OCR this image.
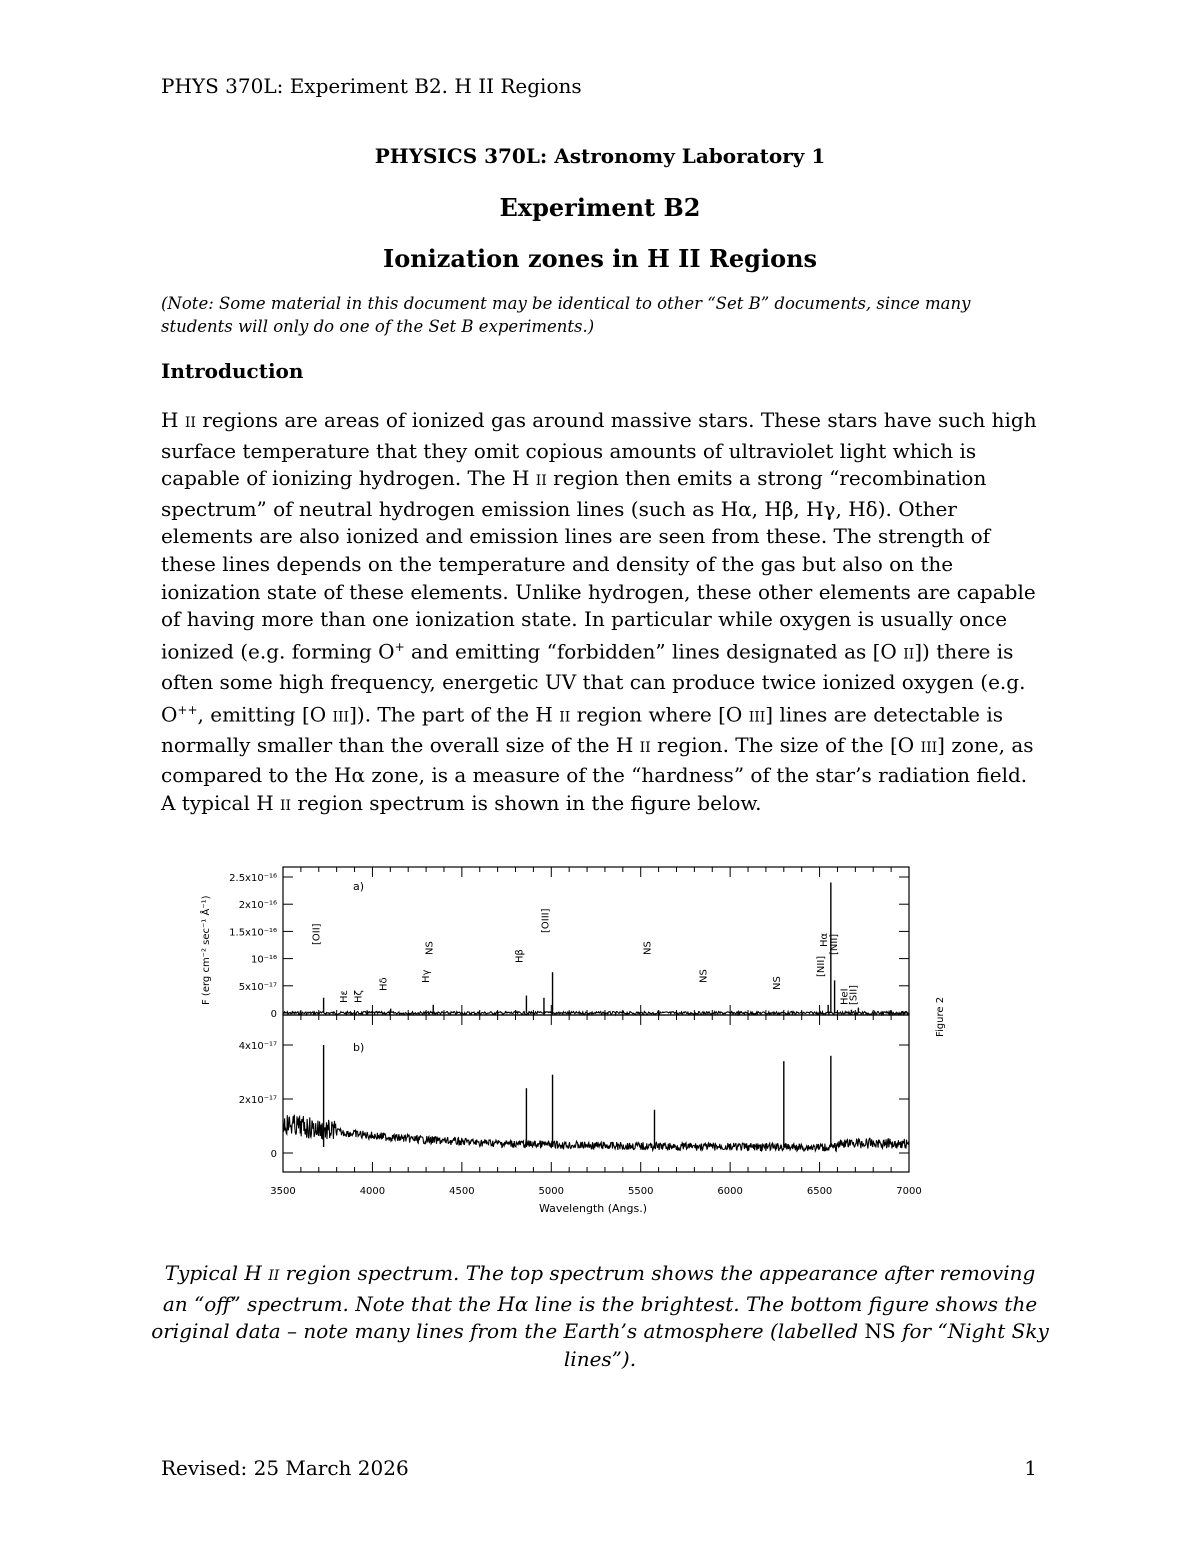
PHYS 370L: Experiment B2. H II Regions
PHYSICS 370L: Astronomy Laboratory 1
Experiment B2
Ionization zones in H II Regions
(Note: Some material in this document may be identical to other “Set B” documents, since many students will only do one of the Set B experiments.)
Introduction
H II regions are areas of ionized gas around massive stars. These stars have such high surface temperature that they omit copious amounts of ultraviolet light which is capable of ionizing hydrogen. The H II region then emits a strong “recombination spectrum” of neutral hydrogen emission lines (such as Hα, Hβ, Hγ, Hδ). Other elements are also ionized and emission lines are seen from these. The strength of these lines depends on the temperature and density of the gas but also on the ionization state of these elements. Unlike hydrogen, these other elements are capable of having more than one ionization state. In particular while oxygen is usually once ionized (e.g. forming O+ and emitting “forbidden” lines designated as [O II]) there is often some high frequency, energetic UV that can produce twice ionized oxygen (e.g. O++, emitting [O III]). The part of the H II region where [O III] lines are detectable is normally smaller than the overall size of the H II region. The size of the [O III] zone, as compared to the Hα zone, is a measure of the “hardness” of the star’s radiation field. A typical H II region spectrum is shown in the figure below.
2.5x10⁻¹⁶
2x10⁻¹⁶
1.5x10⁻¹⁶
10⁻¹⁶
5x10⁻¹⁷
0
4x10⁻¹⁷
2x10⁻¹⁷
0
3500	4000	4500	5000	5500	6000	6500	7000
a)
b)
[OII]
Hε Hζ
Hδ
Hγ
NS
Hβ
[OIII]
NS
NS
NS
[NII]
Hα [NII]
HeI
[SII]
F (erg cm⁻² sec⁻¹ Å⁻¹)
Wavelength (Angs.)
Figure 2
Typical H II region spectrum. The top spectrum shows the appearance after removing an “off” spectrum. Note that the Hα line is the brightest. The bottom figure shows the original data – note many lines from the Earth’s atmosphere (labelled NS for “Night Sky lines”).
Revised: 25 March 2026	1
